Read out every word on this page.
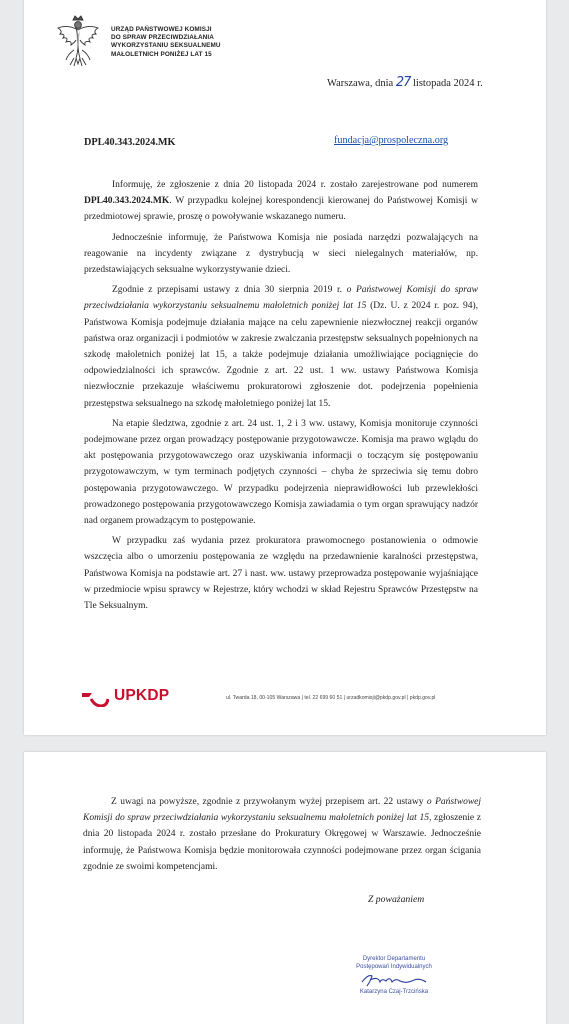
URZĄD PAŃSTWOWEJ KOMISJI
DO SPRAW PRZECIWDZIAŁANIA
WYKORZYSTANIU SEKSUALNEMU
MAŁOLETNICH PONIŻEJ LAT 15
Warszawa, dnia 27 listopada 2024 r.
DPL40.343.2024.MK	fundacja@prospoleczna.org

Informuję, że zgłoszenie z dnia 20 listopada 2024 r. zostało zarejestrowane pod numerem DPL40.343.2024.MK. W przypadku kolejnej korespondencji kierowanej do Państwowej Komisji w przedmiotowej sprawie, proszę o powoływanie wskazanego numeru.

Jednocześnie informuję, że Państwowa Komisja nie posiada narzędzi pozwalających na reagowanie na incydenty związane z dystrybucją w sieci nielegalnych materiałów, np. przedstawiających seksualne wykorzystywanie dzieci.

Zgodnie z przepisami ustawy z dnia 30 sierpnia 2019 r. o Państwowej Komisji do spraw przeciwdziałania wykorzystaniu seksualnemu małoletnich poniżej lat 15 (Dz. U. z 2024 r. poz. 94), Państwowa Komisja podejmuje działania mające na celu zapewnienie niezwłocznej reakcji organów państwa oraz organizacji i podmiotów w zakresie zwalczania przestępstw seksualnych popełnionych na szkodę małoletnich poniżej lat 15, a także podejmuje działania umożliwiające pociągnięcie do odpowiedzialności ich sprawców. Zgodnie z art. 22 ust. 1 ww. ustawy Państwowa Komisja niezwłocznie przekazuje właściwemu prokuratorowi zgłoszenie dot. podejrzenia popełnienia przestępstwa seksualnego na szkodę małoletniego poniżej lat 15.

Na etapie śledztwa, zgodnie z art. 24 ust. 1, 2 i 3 ww. ustawy, Komisja monitoruje czynności podejmowane przez organ prowadzący postępowanie przygotowawcze. Komisja ma prawo wglądu do akt postępowania przygotowawczego oraz uzyskiwania informacji o toczącym się postępowaniu przygotowawczym, w tym terminach podjętych czynności – chyba że sprzeciwia się temu dobro postępowania przygotowawczego. W przypadku podejrzenia nieprawidłowości lub przewlekłości prowadzonego postępowania przygotowawczego Komisja zawiadamia o tym organ sprawujący nadzór nad organem prowadzącym to postępowanie.

W przypadku zaś wydania przez prokuratora prawomocnego postanowienia o odmowie wszczęcia albo o umorzeniu postępowania ze względu na przedawnienie karalności przestępstwa, Państwowa Komisja na podstawie art. 27 i nast. ww. ustawy przeprowadza postępowanie wyjaśniające w przedmiocie wpisu sprawcy w Rejestrze, który wchodzi w skład Rejestru Sprawców Przestępstw na Tle Seksualnym.

UPKDP	ul. Twarda 18, 00-105 Warszawa | tel. 22 699 60 51 | urzadkomisji@pkdp.gov.pl | pkdp.gov.pl

Z uwagi na powyższe, zgodnie z przywołanym wyżej przepisem art. 22 ustawy o Państwowej Komisji do spraw przeciwdziałania wykorzystaniu seksualnemu małoletnich poniżej lat 15, zgłoszenie z dnia 20 listopada 2024 r. zostało przesłane do Prokuratury Okręgowej w Warszawie. Jednocześnie informuję, że Państwowa Komisja będzie monitorowała czynności podejmowane przez organ ścigania zgodnie ze swoimi kompetencjami.

Z poważaniem
Dyrektor Departamentu
Postępowań Indywidualnych
Katarzyna Czaj-Trzcińska
